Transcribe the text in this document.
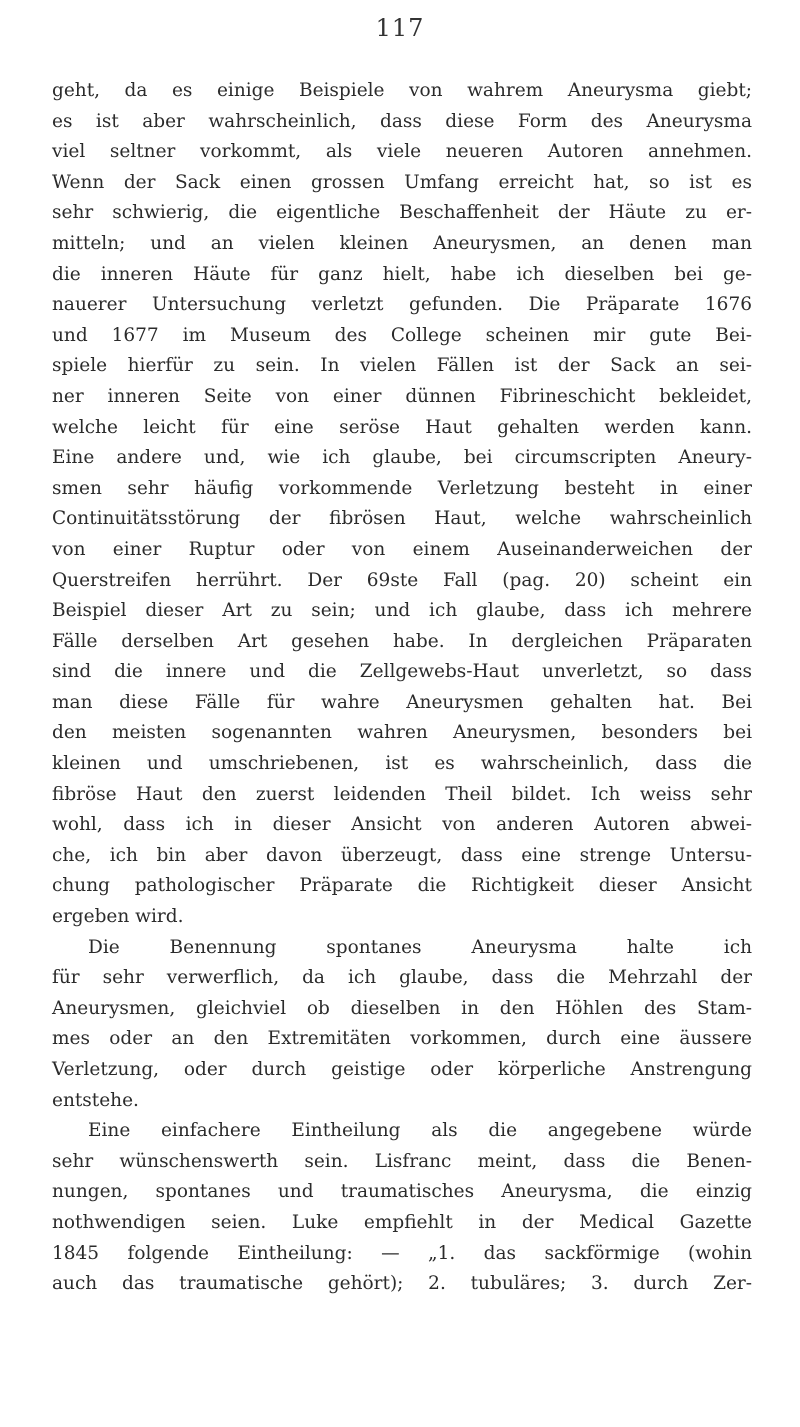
117
geht, da es einige Beispiele von wahrem Aneurysma giebt;
es ist aber wahrscheinlich, dass diese Form des Aneurysma
viel seltner vorkommt, als viele neueren Autoren annehmen.
Wenn der Sack einen grossen Umfang erreicht hat, so ist es
sehr schwierig, die eigentliche Beschaffenheit der Häute zu er-
mitteln; und an vielen kleinen Aneurysmen, an denen man
die inneren Häute für ganz hielt, habe ich dieselben bei ge-
nauerer Untersuchung verletzt gefunden. Die Präparate 1676
und 1677 im Museum des College scheinen mir gute Bei-
spiele hierfür zu sein. In vielen Fällen ist der Sack an sei-
ner inneren Seite von einer dünnen Fibrineschicht bekleidet,
welche leicht für eine seröse Haut gehalten werden kann.
Eine andere und, wie ich glaube, bei circumscripten Aneury-
smen sehr häufig vorkommende Verletzung besteht in einer
Continuitätsstörung der fibrösen Haut, welche wahrscheinlich
von einer Ruptur oder von einem Auseinanderweichen der
Querstreifen herrührt. Der 69ste Fall (pag. 20) scheint ein
Beispiel dieser Art zu sein; und ich glaube, dass ich mehrere
Fälle derselben Art gesehen habe. In dergleichen Präparaten
sind die innere und die Zellgewebs-Haut unverletzt, so dass
man diese Fälle für wahre Aneurysmen gehalten hat. Bei
den meisten sogenannten wahren Aneurysmen, besonders bei
kleinen und umschriebenen, ist es wahrscheinlich, dass die
fibröse Haut den zuerst leidenden Theil bildet. Ich weiss sehr
wohl, dass ich in dieser Ansicht von anderen Autoren abwei-
che, ich bin aber davon überzeugt, dass eine strenge Untersu-
chung pathologischer Präparate die Richtigkeit dieser Ansicht
ergeben wird.
Die Benennung spontanes Aneurysma halte ich
für sehr verwerflich, da ich glaube, dass die Mehrzahl der
Aneurysmen, gleichviel ob dieselben in den Höhlen des Stam-
mes oder an den Extremitäten vorkommen, durch eine äussere
Verletzung, oder durch geistige oder körperliche Anstrengung
entstehe.
Eine einfachere Eintheilung als die angegebene würde
sehr wünschenswerth sein. Lisfranc meint, dass die Benen-
nungen, spontanes und traumatisches Aneurysma, die einzig
nothwendigen seien. Luke empfiehlt in der Medical Gazette
1845 folgende Eintheilung: — „1. das sackförmige (wohin
auch das traumatische gehört); 2. tubuläres; 3. durch Zer-
